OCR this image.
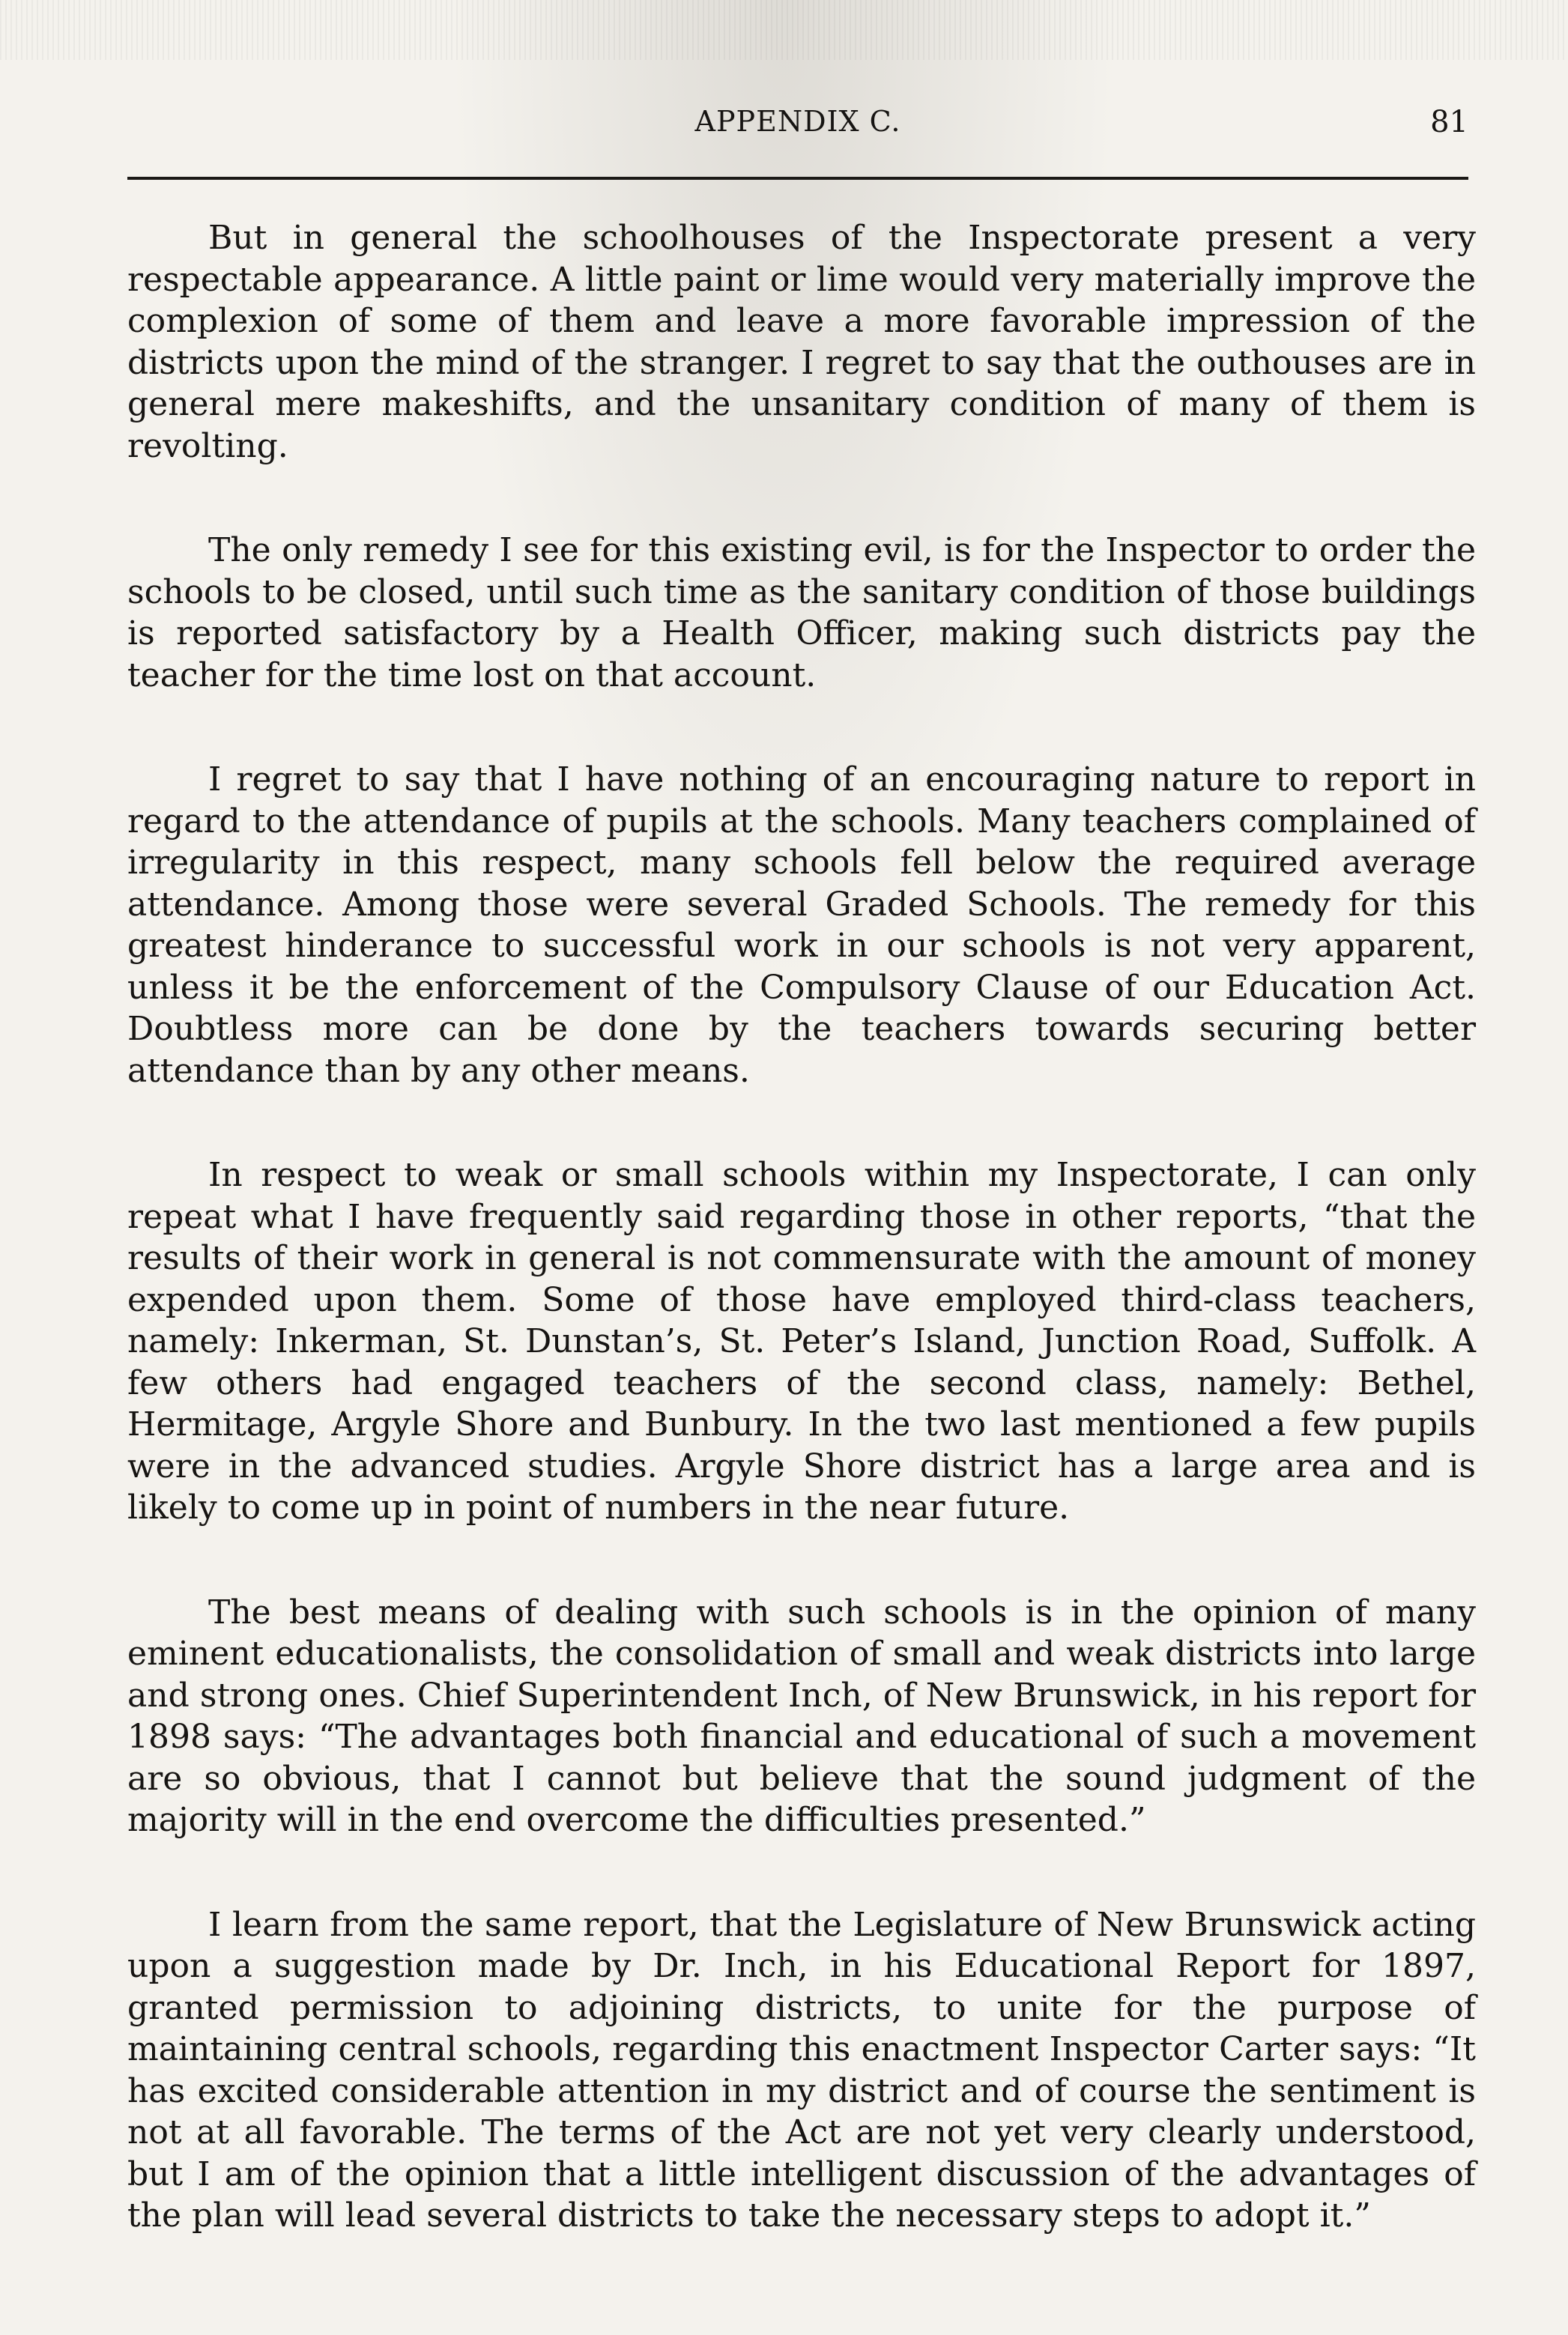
APPENDIX C.	81

But in general the schoolhouses of the Inspectorate present a very respectable appearance. A little paint or lime would very materially improve the complexion of some of them and leave a more favorable impression of the districts upon the mind of the stranger. I regret to say that the outhouses are in general mere makeshifts, and the unsanitary condition of many of them is revolting.

The only remedy I see for this existing evil, is for the Inspector to order the schools to be closed, until such time as the sanitary condition of those buildings is reported satisfactory by a Health Officer, making such districts pay the teacher for the time lost on that account.

I regret to say that I have nothing of an encouraging nature to report in regard to the attendance of pupils at the schools. Many teachers complained of irregularity in this respect, many schools fell below the required average attendance. Among those were several Graded Schools. The remedy for this greatest hinderance to successful work in our schools is not very apparent, unless it be the enforcement of the Compulsory Clause of our Education Act. Doubtless more can be done by the teachers towards securing better attendance than by any other means.

In respect to weak or small schools within my Inspectorate, I can only repeat what I have frequently said regarding those in other reports, “that the results of their work in general is not commensurate with the amount of money expended upon them. Some of those have employed third-class teachers, namely: Inkerman, St. Dunstan’s, St. Peter’s Island, Junction Road, Suffolk. A few others had engaged teachers of the second class, namely: Bethel, Hermitage, Argyle Shore and Bunbury. In the two last mentioned a few pupils were in the advanced studies. Argyle Shore district has a large area and is likely to come up in point of numbers in the near future.

The best means of dealing with such schools is in the opinion of many eminent educationalists, the consolidation of small and weak districts into large and strong ones. Chief Superintendent Inch, of New Brunswick, in his report for 1898 says: “The advantages both financial and educational of such a movement are so obvious, that I cannot but believe that the sound judgment of the majority will in the end overcome the difficulties presented.”

I learn from the same report, that the Legislature of New Brunswick acting upon a suggestion made by Dr. Inch, in his Educational Report for 1897, granted permission to adjoining districts, to unite for the purpose of maintaining central schools, regarding this enactment Inspector Carter says: “It has excited considerable attention in my district and of course the sentiment is not at all favorable. The terms of the Act are not yet very clearly understood, but I am of the opinion that a little intelligent discussion of the advantages of the plan will lead several districts to take the necessary steps to adopt it.”
